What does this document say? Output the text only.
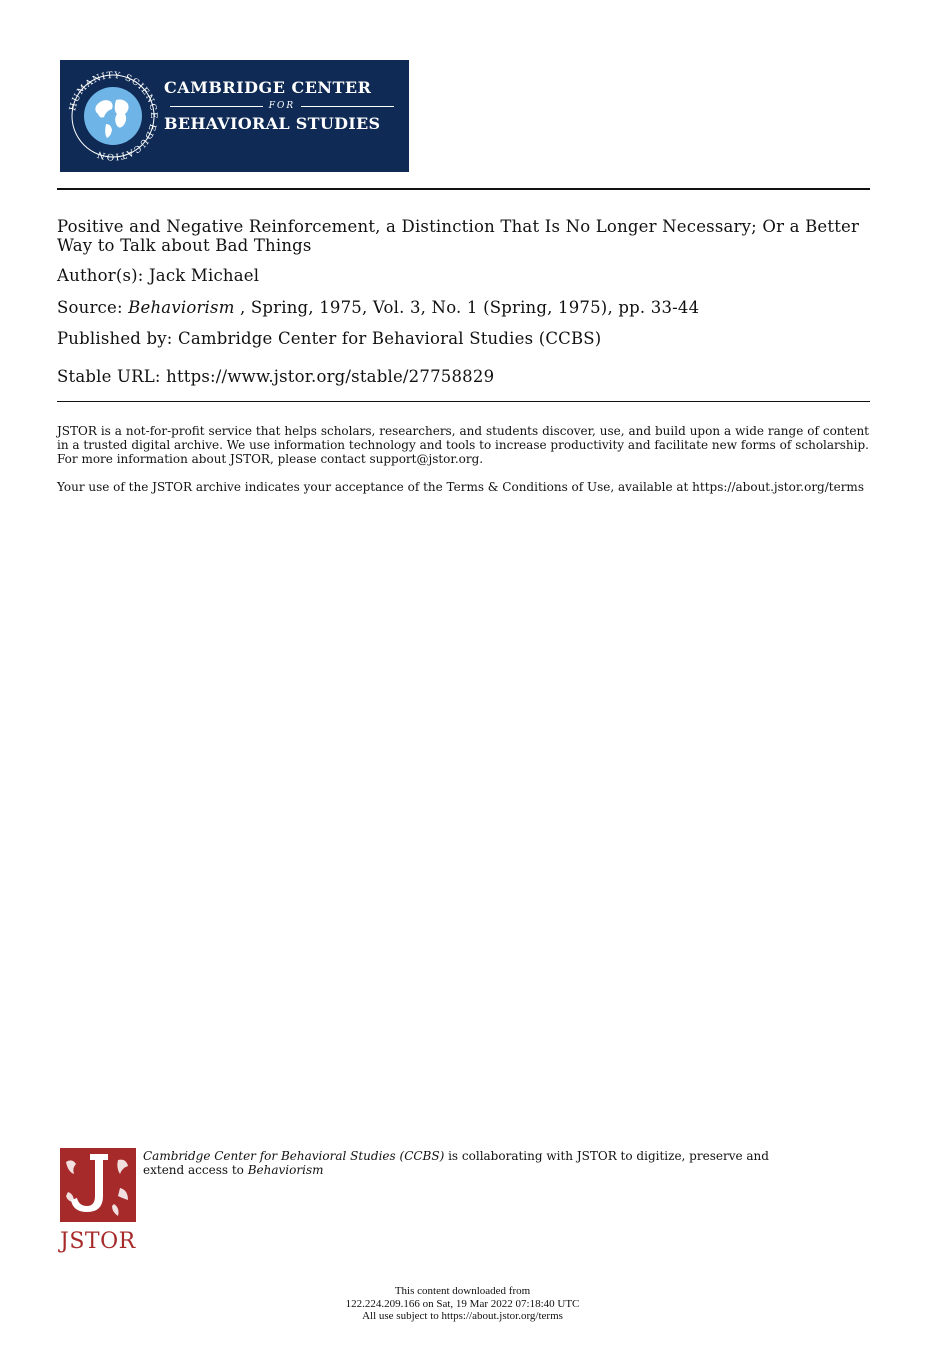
HUMANITY SCIENCE EDUCATION
CAMBRIDGE CENTER
FOR
BEHAVIORAL STUDIES
Positive and Negative Reinforcement, a Distinction That Is No Longer Necessary; Or a Better Way to Talk about Bad Things
Author(s): Jack Michael
Source: Behaviorism , Spring, 1975, Vol. 3, No. 1 (Spring, 1975), pp. 33-44
Published by: Cambridge Center for Behavioral Studies (CCBS)
Stable URL: https://www.jstor.org/stable/27758829
JSTOR is a not-for-profit service that helps scholars, researchers, and students discover, use, and build upon a wide range of content in a trusted digital archive. We use information technology and tools to increase productivity and facilitate new forms of scholarship. For more information about JSTOR, please contact support@jstor.org.
Your use of the JSTOR archive indicates your acceptance of the Terms & Conditions of Use, available at https://about.jstor.org/terms
JSTOR
Cambridge Center for Behavioral Studies (CCBS) is collaborating with JSTOR to digitize, preserve and extend access to Behaviorism
This content downloaded from
122.224.209.166 on Sat, 19 Mar 2022 07:18:40 UTC
All use subject to https://about.jstor.org/terms
